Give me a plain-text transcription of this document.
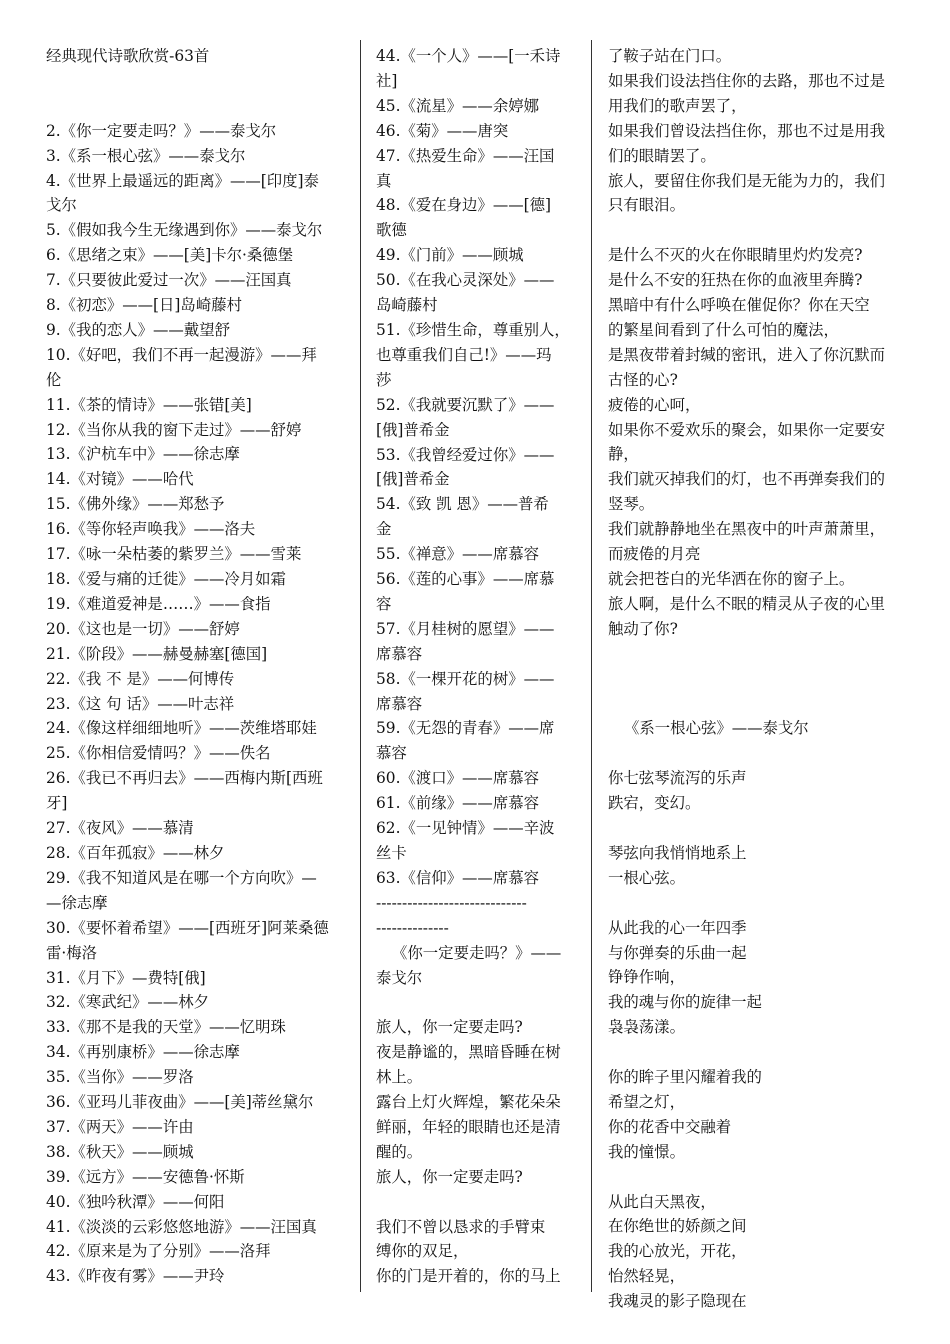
经典现代诗歌欣赏-63首
2.《你一定要走吗？》——泰戈尔
3.《系一根心弦》——泰戈尔
4.《世界上最遥远的距离》——[印度]泰
戈尔
5.《假如我今生无缘遇到你》——泰戈尔
6.《思绪之束》——[美]卡尔·桑德堡
7.《只要彼此爱过一次》——汪国真
8.《初恋》——[日]岛崎藤村
9.《我的恋人》——戴望舒
10.《好吧，我们不再一起漫游》——拜
伦
11.《茶的情诗》——张错[美]
12.《当你从我的窗下走过》——舒婷
13.《沪杭车中》——徐志摩
14.《对镜》——哈代
15.《佛外缘》——郑愁予
16.《等你轻声唤我》——洛夫
17.《咏一朵枯萎的紫罗兰》——雪莱
18.《爱与痛的迁徙》——冷月如霜
19.《难道爱神是……》——食指
20.《这也是一切》——舒婷
21.《阶段》——赫曼赫塞[德国]
22.《我 不 是》——何博传
23.《这 句 话》——叶志祥
24.《像这样细细地听》——茨维塔耶娃
25.《你相信爱情吗？》——佚名
26.《我已不再归去》——西梅内斯[西班
牙]
27.《夜风》——慕清
28.《百年孤寂》——林夕
29.《我不知道风是在哪一个方向吹》—
—徐志摩
30.《要怀着希望》——[西班牙]阿莱桑德
雷·梅洛
31.《月下》—费特[俄]
32.《寒武纪》——林夕
33.《那不是我的天堂》——忆明珠
34.《再别康桥》——徐志摩
35.《当你》——罗洛
36.《亚玛儿菲夜曲》——[美]蒂丝黛尔
37.《两天》——许由
38.《秋天》——顾城
39.《远方》——安德鲁·怀斯
40.《独吟秋潭》——何阳
41.《淡淡的云彩悠悠地游》——汪国真
42.《原来是为了分别》——洛拜
43.《昨夜有雾》——尹玲
44.《一个人》——[一禾诗
社]
45.《流星》——余婷娜
46.《菊》——唐突
47.《热爱生命》——汪国
真
48.《爱在身边》——[德]
歌德
49.《门前》——顾城
50.《在我心灵深处》——
岛崎藤村
51.《珍惜生命，尊重别人，
也尊重我们自己!》——玛
莎
52.《我就要沉默了》——
[俄]普希金
53.《我曾经爱过你》——
[俄]普希金
54.《致 凯 恩》——普希
金
55.《禅意》——席慕容
56.《莲的心事》——席慕
容
57.《月桂树的愿望》——
席慕容
58.《一棵开花的树》——
席慕容
59.《无怨的青春》——席
慕容
60.《渡口》——席慕容
61.《前缘》——席慕容
62.《一见钟情》——辛波
丝卡
63.《信仰》——席慕容
-----------------------------
--------------
《你一定要走吗？》——
泰戈尔
旅人，你一定要走吗?
夜是静谧的，黑暗昏睡在树
林上。
露台上灯火辉煌，繁花朵朵
鲜丽，年轻的眼睛也还是清
醒的。
旅人，你一定要走吗?
我们不曾以恳求的手臂束
缚你的双足，
你的门是开着的，你的马上
了鞍子站在门口。
如果我们设法挡住你的去路，那也不过是
用我们的歌声罢了，
如果我们曾设法挡住你，那也不过是用我
们的眼睛罢了。
旅人，要留住你我们是无能为力的，我们
只有眼泪。
是什么不灭的火在你眼睛里灼灼发亮?
是什么不安的狂热在你的血液里奔腾?
黑暗中有什么呼唤在催促你？你在天空
的繁星间看到了什么可怕的魔法，
是黑夜带着封缄的密讯，进入了你沉默而
古怪的心?
疲倦的心呵，
如果你不爱欢乐的聚会，如果你一定要安
静，
我们就灭掉我们的灯，也不再弹奏我们的
竖琴。
我们就静静地坐在黑夜中的叶声萧萧里，
而疲倦的月亮
就会把苍白的光华洒在你的窗子上。
旅人啊，是什么不眠的精灵从子夜的心里
触动了你?
《系一根心弦》——泰戈尔
你七弦琴流泻的乐声
跌宕，变幻。
琴弦向我悄悄地系上
一根心弦。
从此我的心一年四季
与你弹奏的乐曲一起
铮铮作响，
我的魂与你的旋律一起
袅袅荡漾。
你的眸子里闪耀着我的
希望之灯，
你的花香中交融着
我的憧憬。
从此白天黑夜，
在你绝世的娇颜之间
我的心放光，开花，
怡然轻晃，
我魂灵的影子隐现在
